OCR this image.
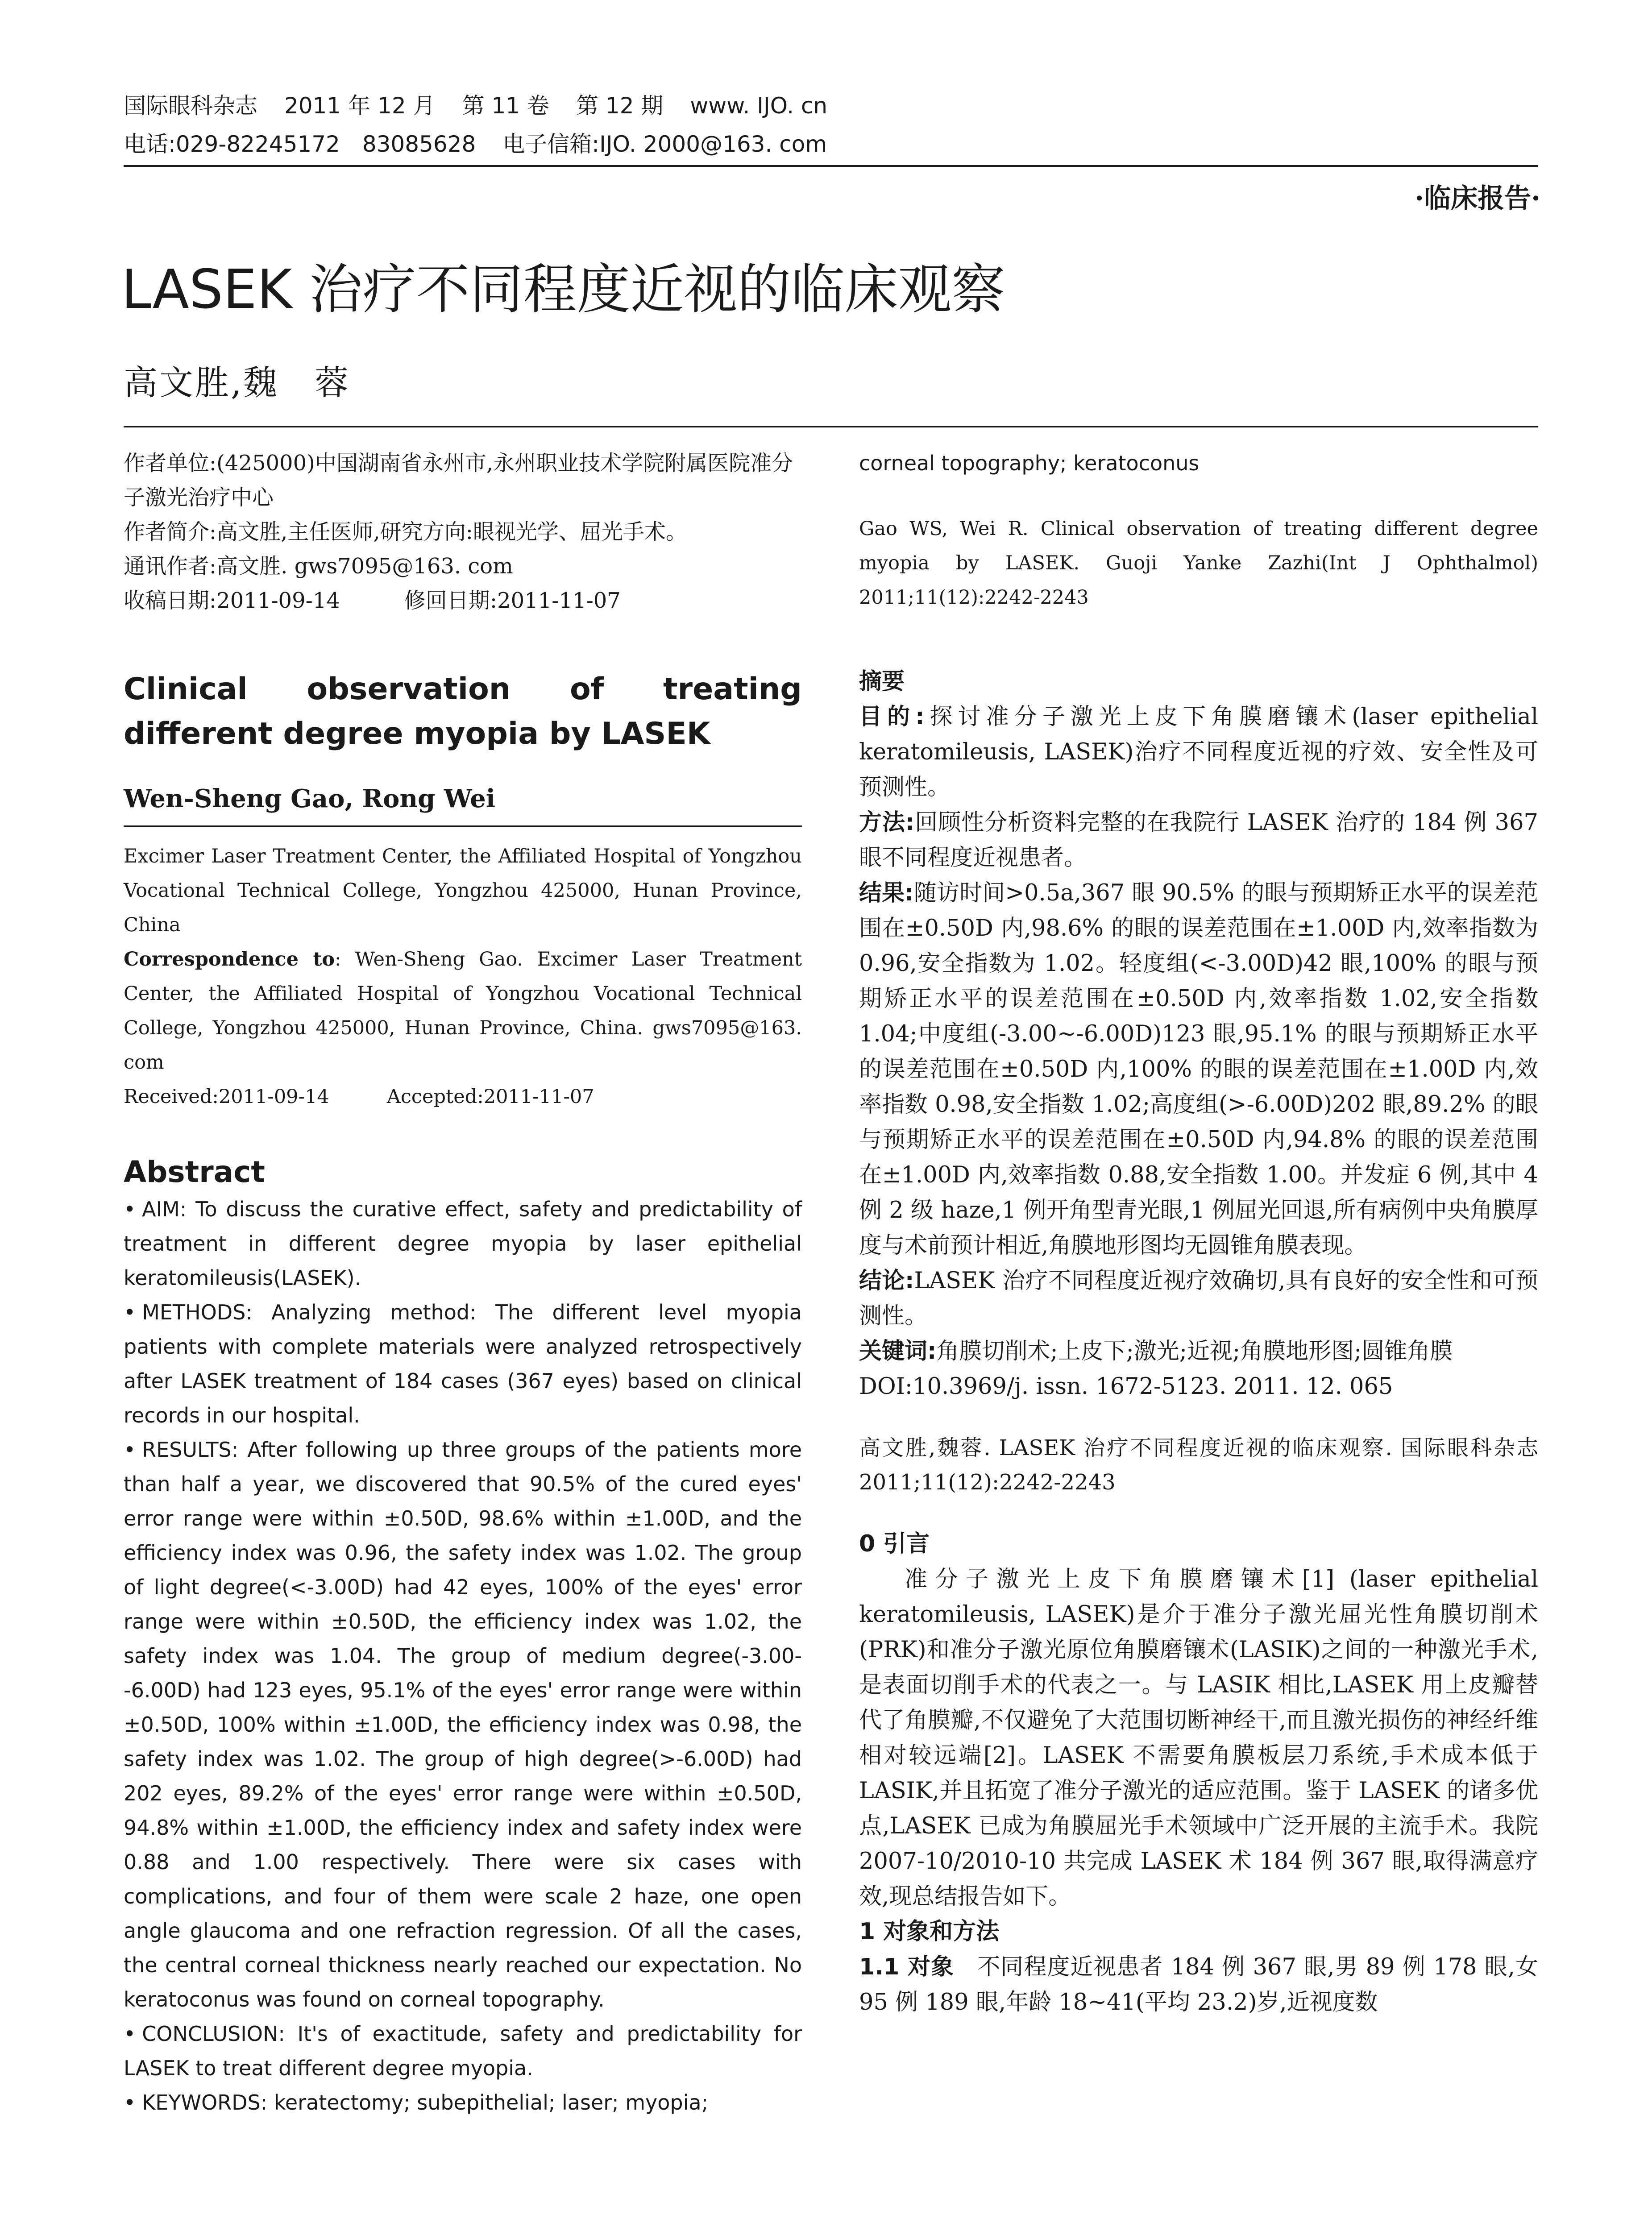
国际眼科杂志 2011 年 12 月 第 11 卷 第 12 期 www. IJO. cn
电话:029-82245172　83085628 电子信箱:IJO. 2000@163. com
·临床报告·
LASEK 治疗不同程度近视的临床观察
高文胜,魏　蓉
作者单位:(425000)中国湖南省永州市,永州职业技术学院附属医院准分子激光治疗中心
作者简介:高文胜,主任医师,研究方向:眼视光学、屈光手术。
通讯作者:高文胜. gws7095@163. com
收稿日期:2011-09-14　　　修回日期:2011-11-07
Clinical observation of treating different degree myopia by LASEK
Wen-Sheng Gao, Rong Wei
Excimer Laser Treatment Center, the Affiliated Hospital of Yongzhou Vocational Technical College, Yongzhou 425000, Hunan Province, China
Correspondence to: Wen-Sheng Gao. Excimer Laser Treatment Center, the Affiliated Hospital of Yongzhou Vocational Technical College, Yongzhou 425000, Hunan Province, China. gws7095@163. com
Received:2011-09-14　　　Accepted:2011-11-07
Abstract

• AIM: To discuss the curative effect, safety and predictability of treatment in different degree myopia by laser epithelial keratomileusis(LASEK).

• METHODS: Analyzing method: The different level myopia patients with complete materials were analyzed retrospectively after LASEK treatment of 184 cases (367 eyes) based on clinical records in our hospital.

• RESULTS: After following up three groups of the patients more than half a year, we discovered that 90.5% of the cured eyes' error range were within ±0.50D, 98.6% within ±1.00D, and the efficiency index was 0.96, the safety index was 1.02. The group of light degree(<-3.00D) had 42 eyes, 100% of the eyes' error range were within ±0.50D, the efficiency index was 1.02, the safety index was 1.04. The group of medium degree(-3.00--6.00D) had 123 eyes, 95.1% of the eyes' error range were within ±0.50D, 100% within ±1.00D, the efficiency index was 0.98, the safety index was 1.02. The group of high degree(>-6.00D) had 202 eyes, 89.2% of the eyes' error range were within ±0.50D, 94.8% within ±1.00D, the efficiency index and safety index were 0.88 and 1.00 respectively. There were six cases with complications, and four of them were scale 2 haze, one open angle glaucoma and one refraction regression. Of all the cases, the central corneal thickness nearly reached our expectation. No keratoconus was found on corneal topography.

• CONCLUSION: It's of exactitude, safety and predictability for LASEK to treat different degree myopia.

• KEYWORDS: keratectomy; subepithelial; laser; myopia;

corneal topography; keratoconus
Gao WS, Wei R. Clinical observation of treating different degree myopia by LASEK. Guoji Yanke Zazhi(Int J Ophthalmol) 2011;11(12):2242-2243

摘要

目的:探讨准分子激光上皮下角膜磨镶术(laser epithelial keratomileusis, LASEK)治疗不同程度近视的疗效、安全性及可预测性。

方法:回顾性分析资料完整的在我院行 LASEK 治疗的 184 例 367 眼不同程度近视患者。

结果:随访时间>0.5a,367 眼 90.5% 的眼与预期矫正水平的误差范围在±0.50D 内,98.6% 的眼的误差范围在±1.00D 内,效率指数为 0.96,安全指数为 1.02。轻度组(<-3.00D)42 眼,100% 的眼与预期矫正水平的误差范围在±0.50D 内,效率指数 1.02,安全指数 1.04;中度组(-3.00~-6.00D)123 眼,95.1% 的眼与预期矫正水平的误差范围在±0.50D 内,100% 的眼的误差范围在±1.00D 内,效率指数 0.98,安全指数 1.02;高度组(>-6.00D)202 眼,89.2% 的眼与预期矫正水平的误差范围在±0.50D 内,94.8% 的眼的误差范围在±1.00D 内,效率指数 0.88,安全指数 1.00。并发症 6 例,其中 4 例 2 级 haze,1 例开角型青光眼,1 例屈光回退,所有病例中央角膜厚度与术前预计相近,角膜地形图均无圆锥角膜表现。

结论:LASEK 治疗不同程度近视疗效确切,具有良好的安全性和可预测性。

关键词:角膜切削术;上皮下;激光;近视;角膜地形图;圆锥角膜

DOI:10.3969/j. issn. 1672-5123. 2011. 12. 065

高文胜,魏蓉. LASEK 治疗不同程度近视的临床观察. 国际眼科杂志 2011;11(12):2242-2243
0 引言

准分子激光上皮下角膜磨镶术[1] (laser epithelial keratomileusis, LASEK)是介于准分子激光屈光性角膜切削术(PRK)和准分子激光原位角膜磨镶术(LASIK)之间的一种激光手术,是表面切削手术的代表之一。与 LASIK 相比,LASEK 用上皮瓣替代了角膜瓣,不仅避免了大范围切断神经干,而且激光损伤的神经纤维相对较远端[2]。LASEK 不需要角膜板层刀系统,手术成本低于 LASIK,并且拓宽了准分子激光的适应范围。鉴于 LASEK 的诸多优点,LASEK 已成为角膜屈光手术领域中广泛开展的主流手术。我院 2007-10/2010-10 共完成 LASEK 术 184 例 367 眼,取得满意疗效,现总结报告如下。

1 对象和方法

1.1 对象　 不同程度近视患者 184 例 367 眼,男 89 例 178 眼,女 95 例 189 眼,年龄 18~41(平均 23.2)岁,近视度数
